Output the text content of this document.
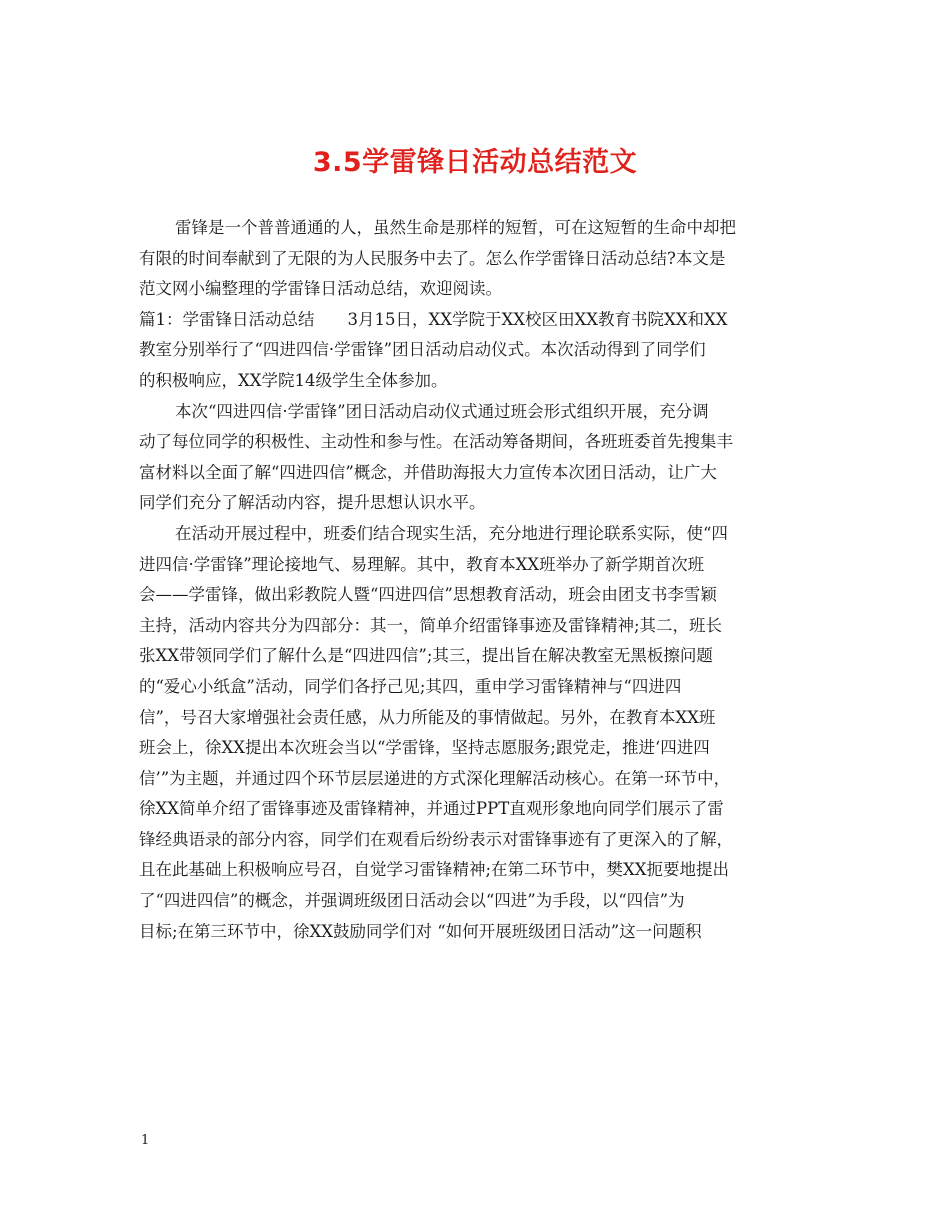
3.5学雷锋日活动总结范文
雷锋是一个普普通通的人，虽然生命是那样的短暂，可在这短暂的生命中却把
有限的时间奉献到了无限的为人民服务中去了。怎么作学雷锋日活动总结?本文是
范文网小编整理的学雷锋日活动总结，欢迎阅读。
篇1：学雷锋日活动总结　　3月15日，XX学院于XX校区田XX教育书院XX和XX
教室分别举行了“四进四信·学雷锋”团日活动启动仪式。本次活动得到了同学们
的积极响应，XX学院14级学生全体参加。
本次“四进四信·学雷锋”团日活动启动仪式通过班会形式组织开展，充分调
动了每位同学的积极性、主动性和参与性。在活动筹备期间，各班班委首先搜集丰
富材料以全面了解“四进四信”概念，并借助海报大力宣传本次团日活动，让广大
同学们充分了解活动内容，提升思想认识水平。
在活动开展过程中，班委们结合现实生活，充分地进行理论联系实际，使“四
进四信·学雷锋”理论接地气、易理解。其中，教育本XX班举办了新学期首次班
会——学雷锋，做出彩教院人暨“四进四信”思想教育活动，班会由团支书李雪颖
主持，活动内容共分为四部分：其一，简单介绍雷锋事迹及雷锋精神;其二，班长
张XX带领同学们了解什么是“四进四信”;其三，提出旨在解决教室无黑板擦问题
的“爱心小纸盒”活动，同学们各抒己见;其四，重申学习雷锋精神与“四进四
信”，号召大家增强社会责任感，从力所能及的事情做起。另外，在教育本XX班
班会上，徐XX提出本次班会当以“学雷锋，坚持志愿服务;跟党走，推进‘四进四
信’”为主题，并通过四个环节层层递进的方式深化理解活动核心。在第一环节中，
徐XX简单介绍了雷锋事迹及雷锋精神，并通过PPT直观形象地向同学们展示了雷
锋经典语录的部分内容，同学们在观看后纷纷表示对雷锋事迹有了更深入的了解，
且在此基础上积极响应号召，自觉学习雷锋精神;在第二环节中，樊XX扼要地提出
了“四进四信”的概念，并强调班级团日活动会以“四进”为手段，以“四信”为
目标;在第三环节中，徐XX鼓励同学们对 “如何开展班级团日活动”这一问题积
1
